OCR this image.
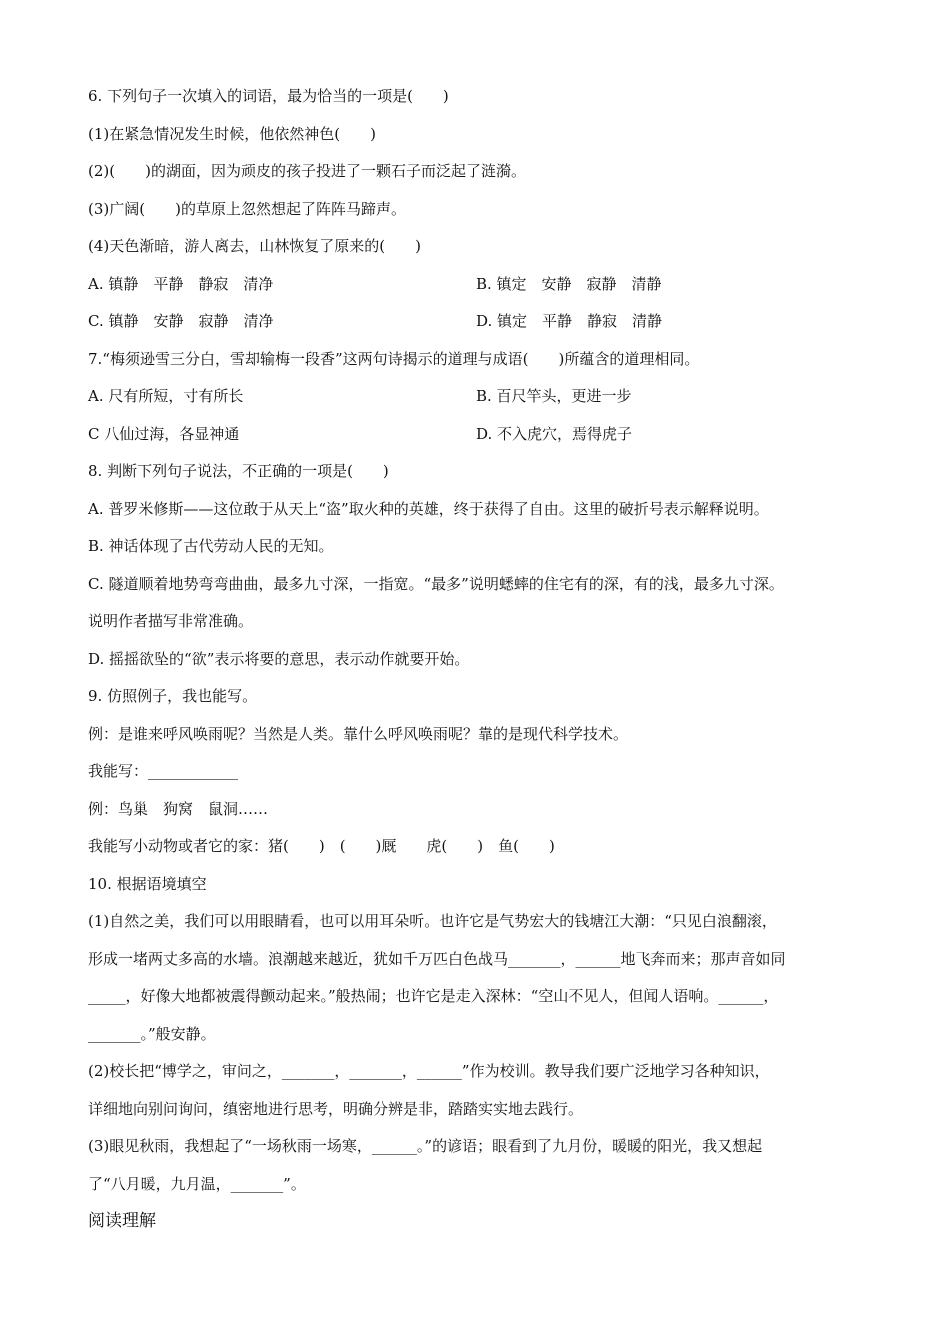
6. 下列句子一次填入的词语，最为恰当的一项是(　　)

(1)在紧急情况发生时候，他依然神色(　　)

(2)(　　)的湖面，因为顽皮的孩子投进了一颗石子而泛起了涟漪。

(3)广阔(　　)的草原上忽然想起了阵阵马蹄声。

(4)天色渐暗，游人离去，山林恢复了原来的(　　)

A. 镇静　平静　静寂　清净	B. 镇定　安静　寂静　清静
C. 镇静　安静　寂静　清净	D. 镇定　平静　静寂　清静

7.“梅须逊雪三分白，雪却输梅一段香”这两句诗揭示的道理与成语(　　)所蕴含的道理相同。

A. 尺有所短，寸有所长	B. 百尺竿头，更进一步
C 八仙过海，各显神通	D. 不入虎穴，焉得虎子

8. 判断下列句子说法，不正确的一项是(　　)

A. 普罗米修斯——这位敢于从天上“盗”取火种的英雄，终于获得了自由。这里的破折号表示解释说明。

B. 神话体现了古代劳动人民的无知。

C. 隧道顺着地势弯弯曲曲，最多九寸深，一指宽。“最多”说明蟋蟀的住宅有的深，有的浅，最多九寸深。

说明作者描写非常准确。

D. 摇摇欲坠的“欲”表示将要的意思，表示动作就要开始。

9. 仿照例子，我也能写。

例：是谁来呼风唤雨呢？当然是人类。靠什么呼风唤雨呢？靠的是现代科学技术。

我能写：____________

例：鸟巢　狗窝　鼠洞……

我能写小动物或者它的家：猪(　　)　(　　)厩　　虎(　　)　鱼(　　)

10. 根据语境填空

(1)自然之美，我们可以用眼睛看，也可以用耳朵听。也许它是气势宏大的钱塘江大潮：“只见白浪翻滚，

形成一堵两丈多高的水墙。浪潮越来越近，犹如千万匹白色战马_______，______地飞奔而来；那声音如同

_____，好像大地都被震得颤动起来。”般热闹；也许它是走入深林：“空山不见人，但闻人语响。______，

_______。”般安静。

(2)校长把“博学之，审问之，_______，_______，______”作为校训。教导我们要广泛地学习各种知识，

详细地向别问询问，缜密地进行思考，明确分辨是非，踏踏实实地去践行。

(3)眼见秋雨，我想起了“一场秋雨一场寒，______。”的谚语；眼看到了九月份，暖暖的阳光，我又想起

了“八月暖，九月温，_______”。

阅读理解
